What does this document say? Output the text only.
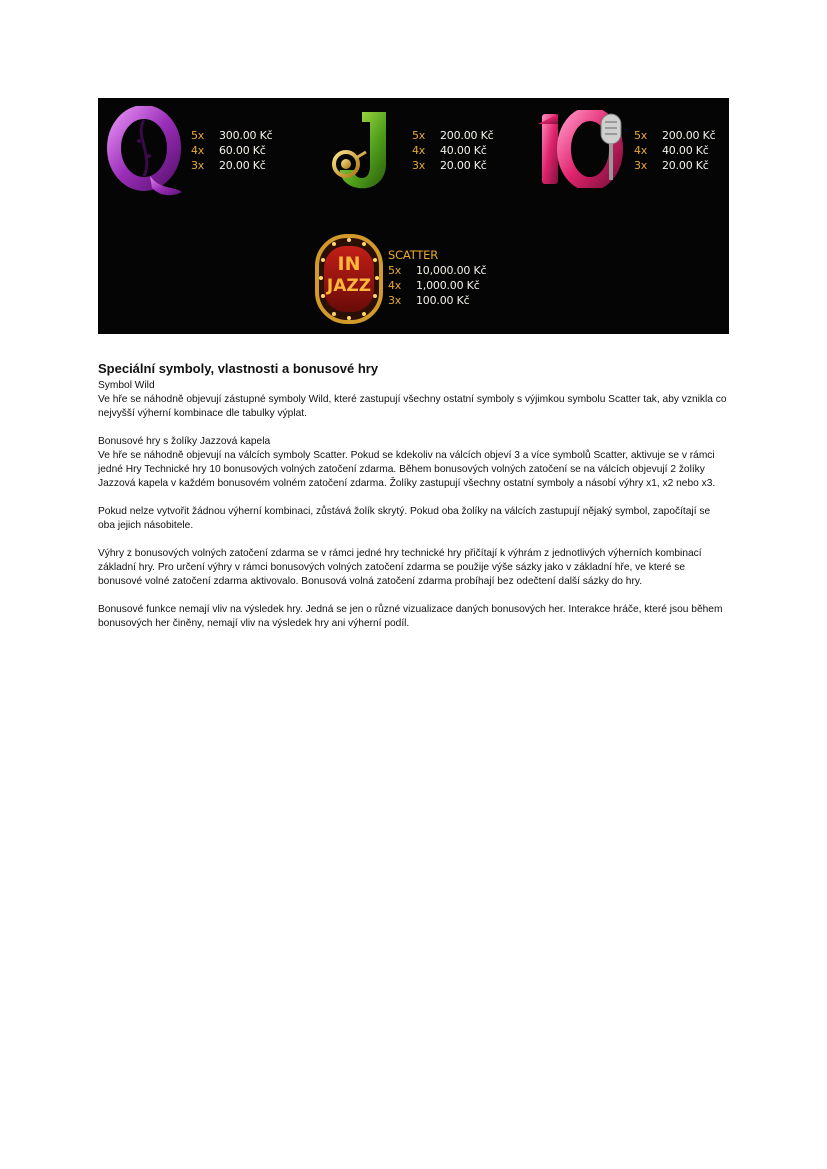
5x	300.00 Kč
4x	60.00 Kč
3x	20.00 Kč
5x	200.00 Kč
4x	40.00 Kč
3x	20.00 Kč
5x	200.00 Kč
4x	40.00 Kč
3x	20.00 Kč
IN
JAZZ
SCATTER
5x	10,000.00 Kč
4x	1,000.00 Kč
3x	100.00 Kč
Speciální symboly, vlastnosti a bonusové hry

Symbol Wild

Ve hře se náhodně objevují zástupné symboly Wild, které zastupují všechny ostatní symboly s výjimkou symbolu Scatter tak, aby vznikla co nejvyšší výherní kombinace dle tabulky výplat.

Bonusové hry s žolíky Jazzová kapela

Ve hře se náhodně objevují na válcích symboly Scatter. Pokud se kdekoliv na válcích objeví 3 a více symbolů Scatter, aktivuje se v rámci jedné Hry Technické hry 10 bonusových volných zatočení zdarma. Během bonusových volných zatočení se na válcích objevují 2 žolíky Jazzová kapela v každém bonusovém volném zatočení zdarma. Žolíky zastupují všechny ostatní symboly a násobí výhry x1, x2 nebo x3.

Pokud nelze vytvořit žádnou výherní kombinaci, zůstává žolík skrytý. Pokud oba žolíky na válcích zastupují nějaký symbol, započítají se oba jejich násobitele.

Výhry z bonusových volných zatočení zdarma se v rámci jedné hry technické hry přičítají k výhrám z jednotlivých výherních kombinací základní hry. Pro určení výhry v rámci bonusových volných zatočení zdarma se použije výše sázky jako v základní hře, ve které se bonusové volné zatočení zdarma aktivovalo. Bonusová volná zatočení zdarma probíhají bez odečtení další sázky do hry.

Bonusové funkce nemají vliv na výsledek hry. Jedná se jen o různé vizualizace daných bonusových her. Interakce hráče, které jsou během bonusových her činěny, nemají vliv na výsledek hry ani výherní podíl.
